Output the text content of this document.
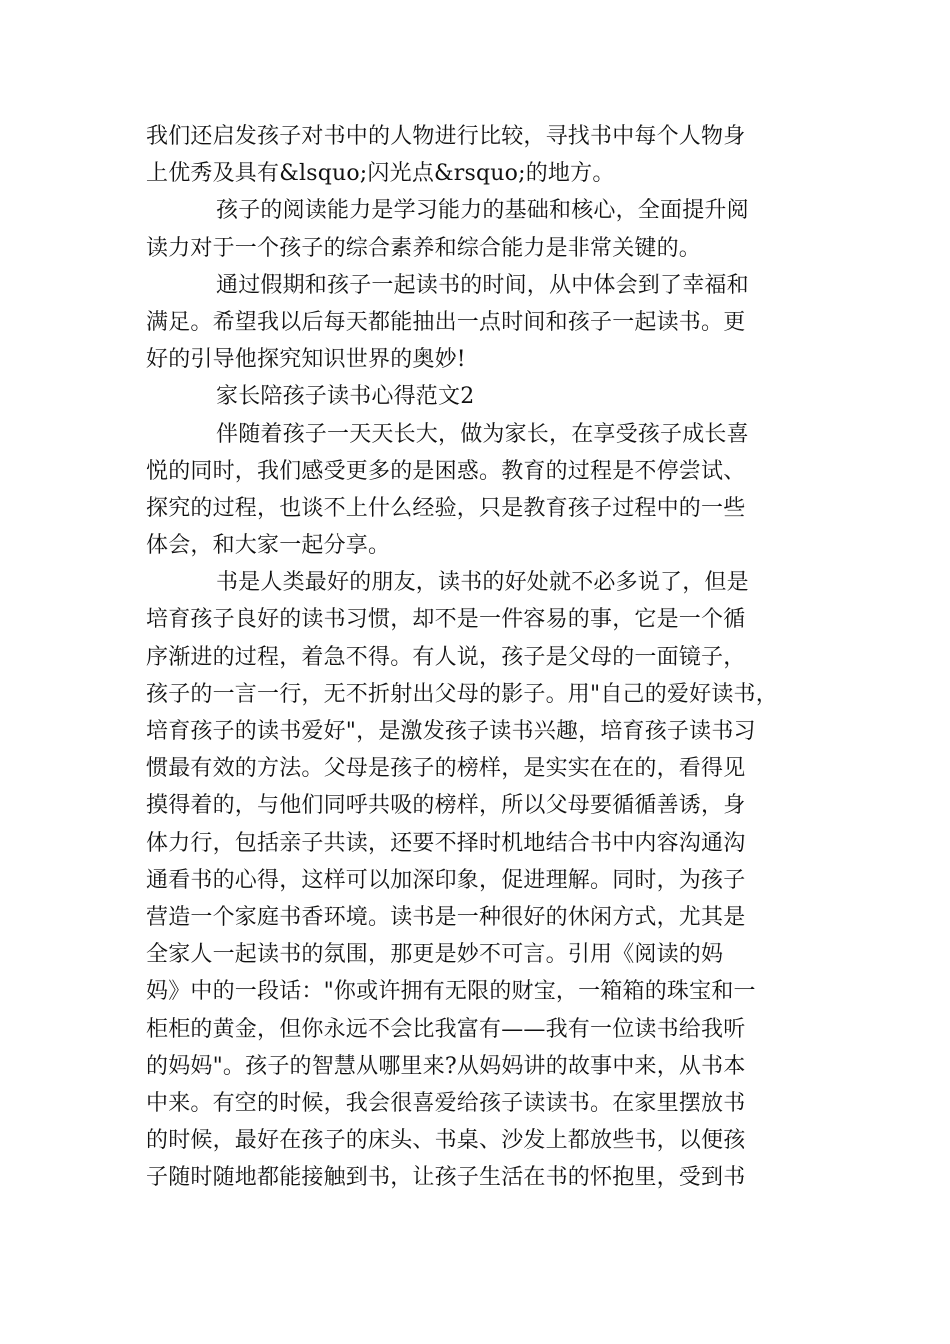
我们还启发孩子对书中的人物进行比较，寻找书中每个人物身
上优秀及具有&lsquo;闪光点&rsquo;的地方。
孩子的阅读能力是学习能力的基础和核心，全面提升阅
读力对于一个孩子的综合素养和综合能力是非常关键的。
通过假期和孩子一起读书的时间，从中体会到了幸福和
满足。希望我以后每天都能抽出一点时间和孩子一起读书。更
好的引导他探究知识世界的奥妙!
家长陪孩子读书心得范文2
伴随着孩子一天天长大，做为家长，在享受孩子成长喜
悦的同时，我们感受更多的是困惑。教育的过程是不停尝试、
探究的过程，也谈不上什么经验，只是教育孩子过程中的一些
体会，和大家一起分享。
书是人类最好的朋友，读书的好处就不必多说了，但是
培育孩子良好的读书习惯，却不是一件容易的事，它是一个循
序渐进的过程，着急不得。有人说，孩子是父母的一面镜子，
孩子的一言一行，无不折射出父母的影子。用"自己的爱好读书，
培育孩子的读书爱好"，是激发孩子读书兴趣，培育孩子读书习
惯最有效的方法。父母是孩子的榜样，是实实在在的，看得见
摸得着的，与他们同呼共吸的榜样，所以父母要循循善诱，身
体力行，包括亲子共读，还要不择时机地结合书中内容沟通沟
通看书的心得，这样可以加深印象，促进理解。同时，为孩子
营造一个家庭书香环境。读书是一种很好的休闲方式，尤其是
全家人一起读书的氛围，那更是妙不可言。引用《阅读的妈
妈》中的一段话："你或许拥有无限的财宝，一箱箱的珠宝和一
柜柜的黄金，但你永远不会比我富有——我有一位读书给我听
的妈妈"。孩子的智慧从哪里来?从妈妈讲的故事中来，从书本
中来。有空的时候，我会很喜爱给孩子读读书。在家里摆放书
的时候，最好在孩子的床头、书桌、沙发上都放些书，以便孩
子随时随地都能接触到书，让孩子生活在书的怀抱里，受到书
